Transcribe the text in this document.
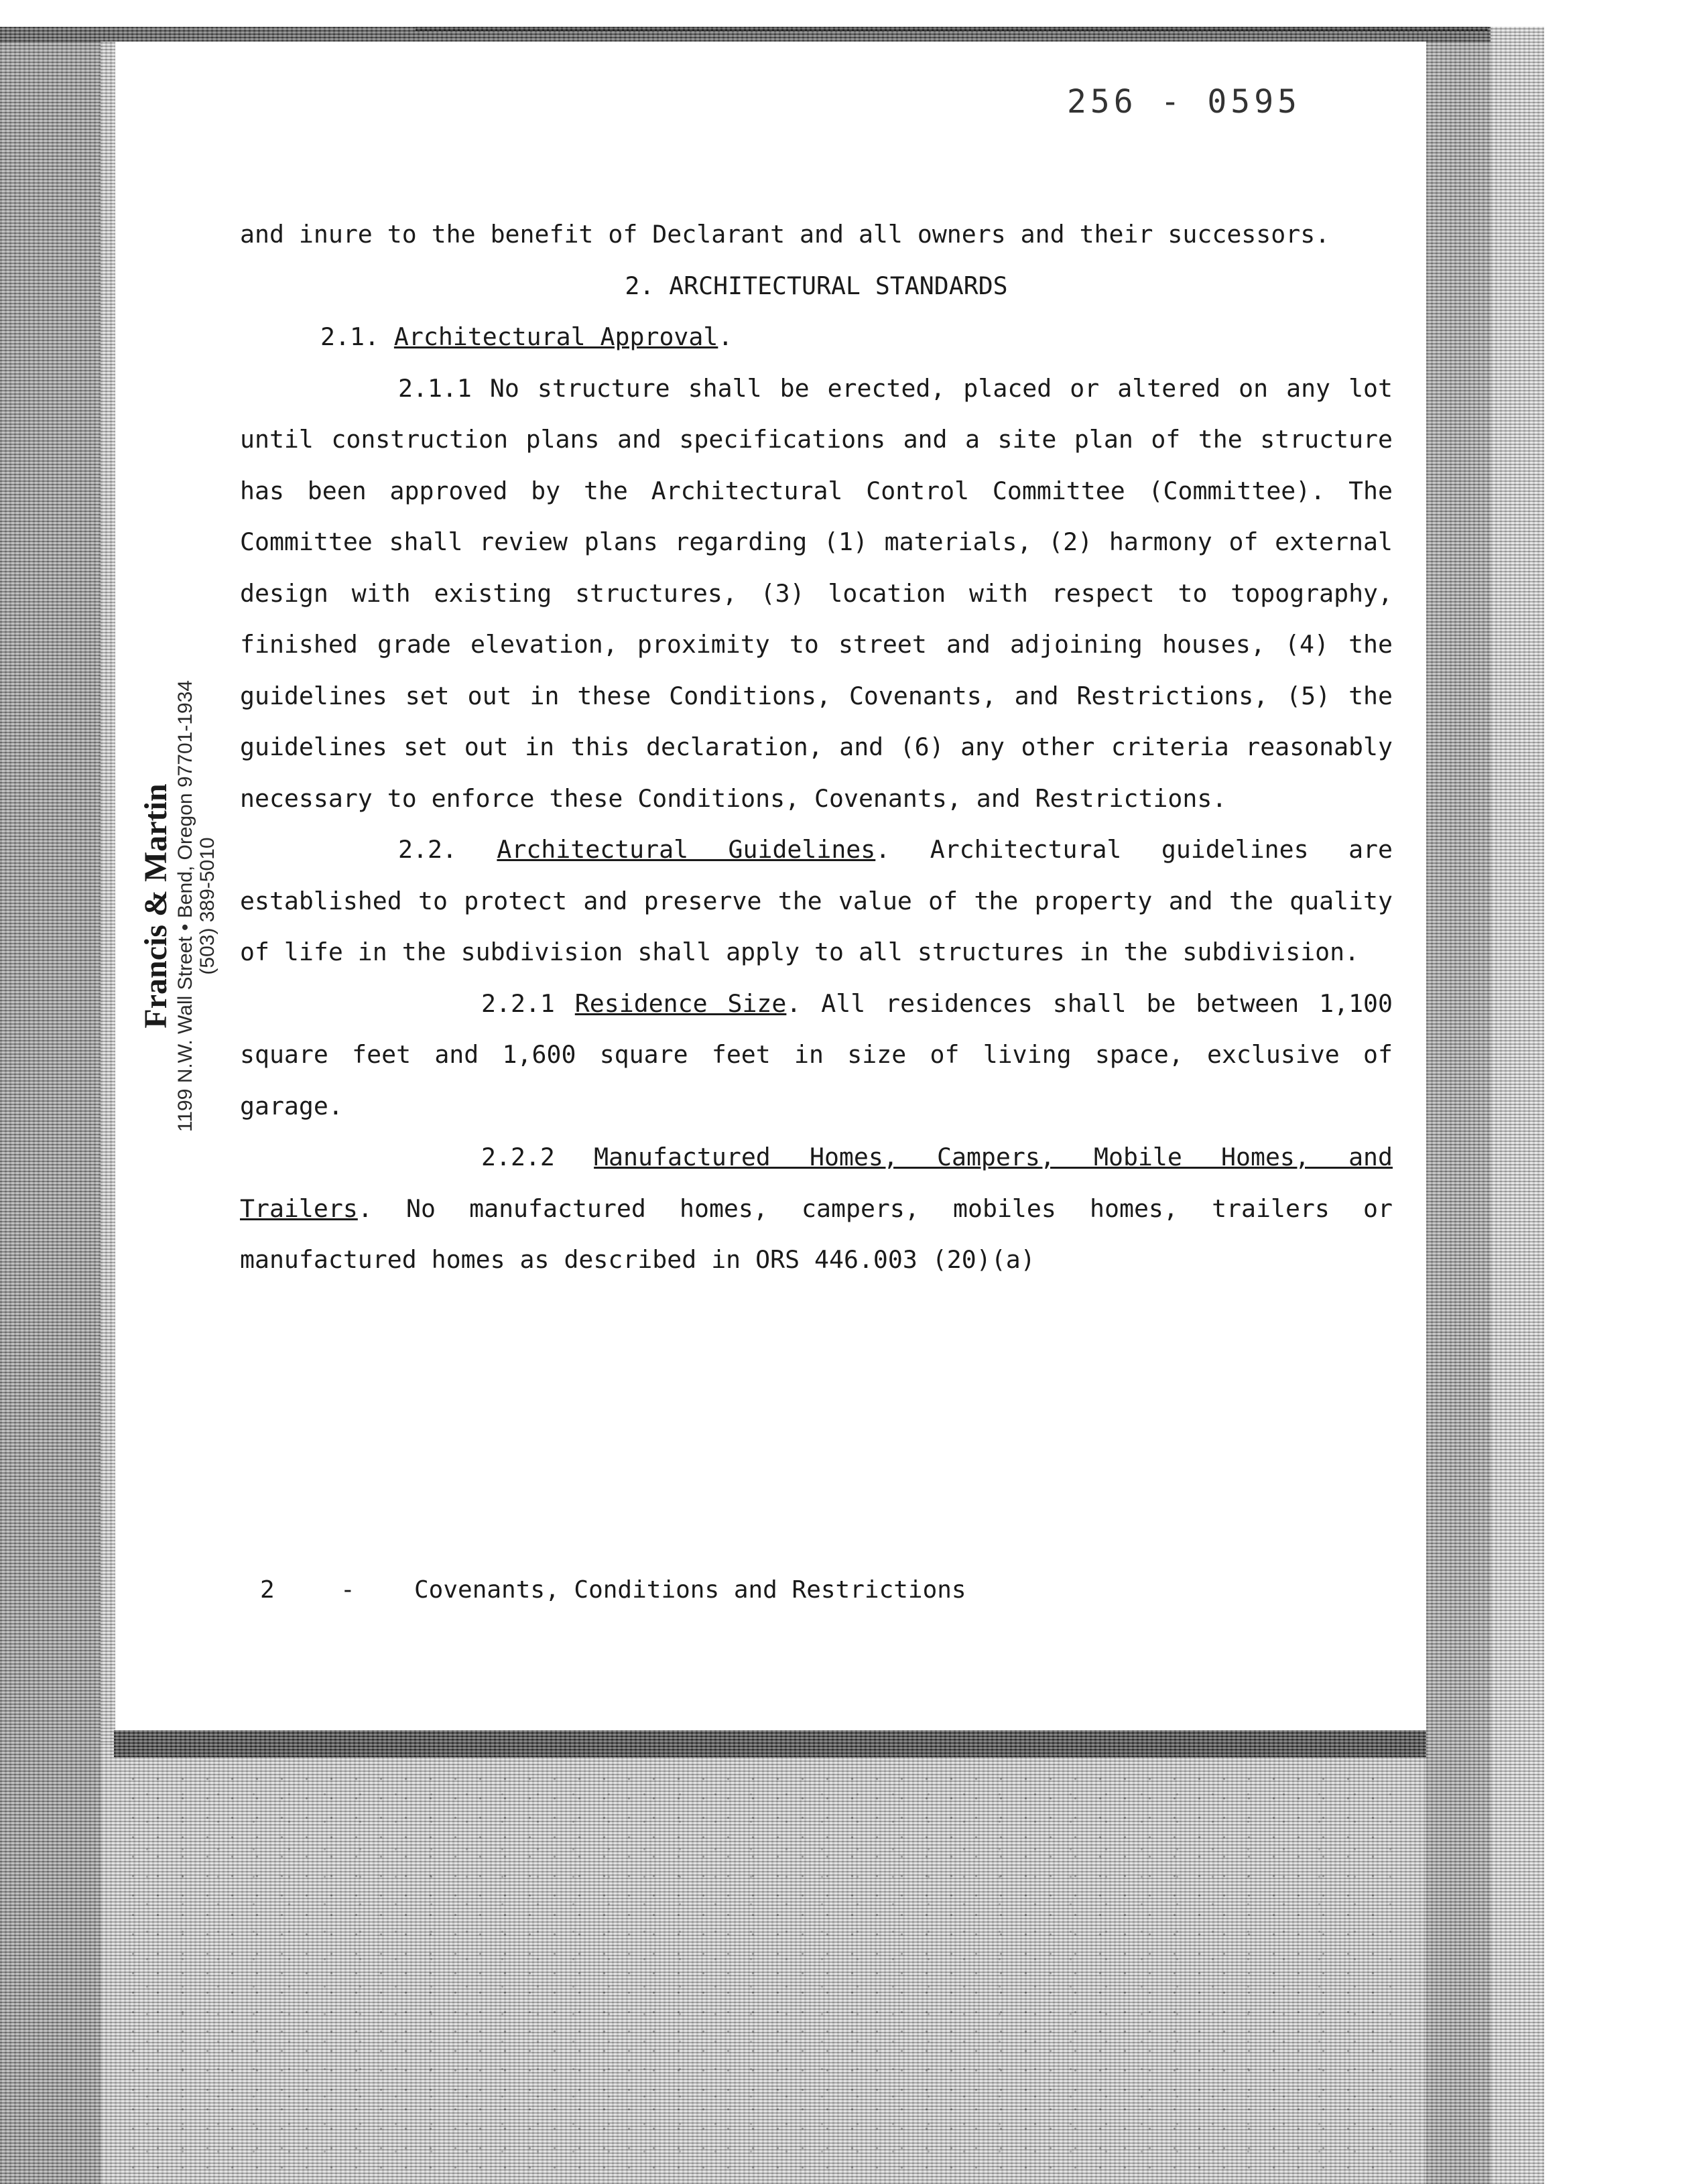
256 - 0595
Francis & Martin 1199 N.W. Wall Street • Bend, Oregon 97701-1934 (503) 389-5010

and inure to the benefit of Declarant and all owners and their successors.

2. ARCHITECTURAL STANDARDS

2.1. Architectural Approval.

2.1.1 No structure shall be erected, placed or altered on any lot until construction plans and specifications and a site plan of the structure has been approved by the Architectural Control Committee (Committee). The Committee shall review plans regarding (1) materials, (2) harmony of external design with existing structures, (3) location with respect to topography, finished grade elevation, proximity to street and adjoining houses, (4) the guidelines set out in these Conditions, Covenants, and Restrictions, (5) the guidelines set out in this declaration, and (6) any other criteria reasonably necessary to enforce these Conditions, Covenants, and Restrictions.

2.2. Architectural Guidelines. Architectural guidelines are established to protect and preserve the value of the property and the quality of life in the subdivision shall apply to all structures in the subdivision.

2.2.1 Residence Size. All residences shall be between 1,100 square feet and 1,600 square feet in size of living space, exclusive of garage.

2.2.2 Manufactured Homes, Campers, Mobile Homes, and Trailers. No manufactured homes, campers, mobiles homes, trailers or manufactured homes as described in ORS 446.003 (20)(a)

2	- Covenants, Conditions and Restrictions
